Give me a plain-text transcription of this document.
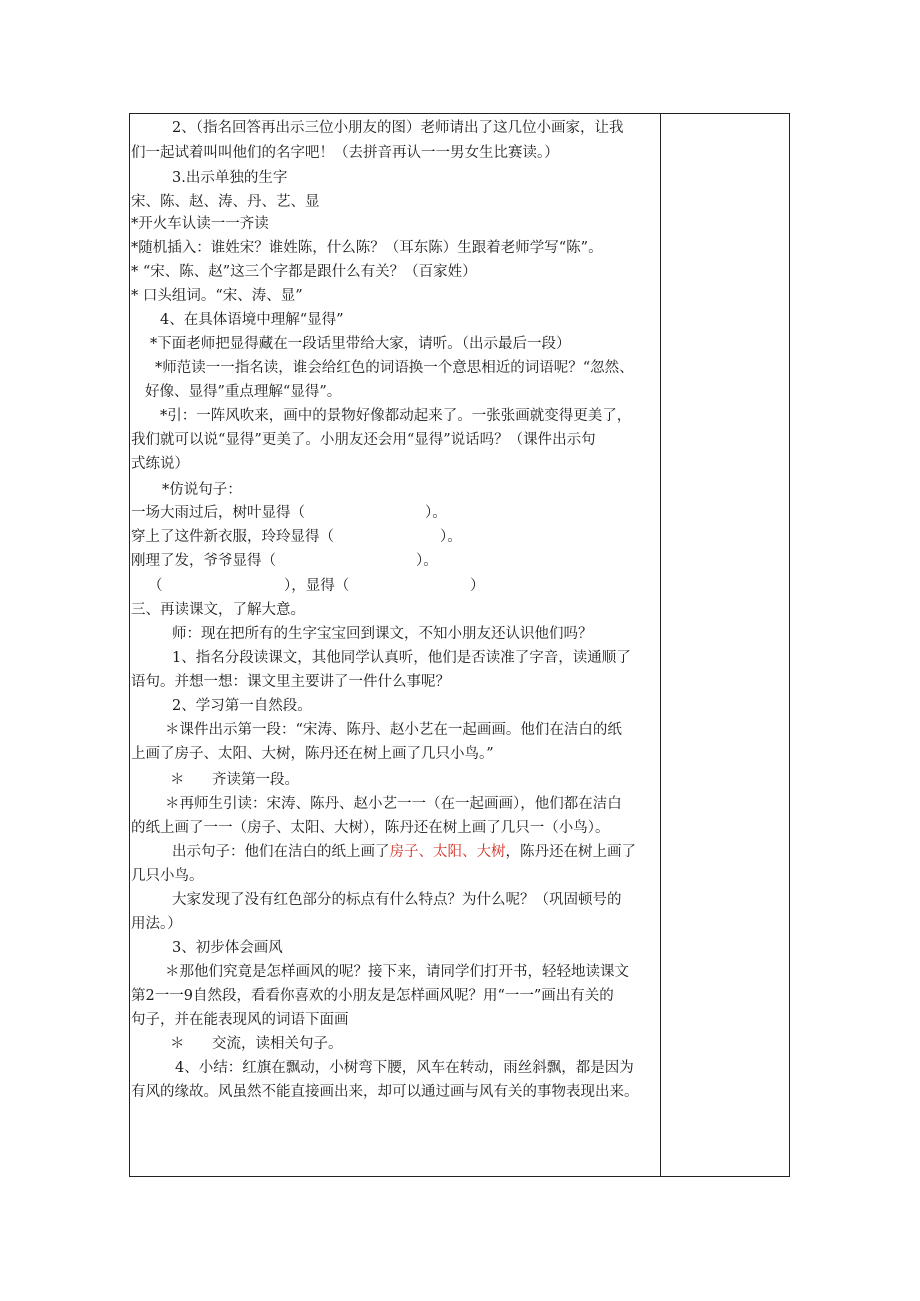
2、（指名回答再出示三位小朋友的图）老师请出了这几位小画家，让我
们一起试着叫叫他们的名字吧！（去拼音再认一一男女生比赛读。）
3.出示单独的生字
宋、陈、赵、涛、丹、艺、显
*开火车认读一一齐读
*随机插入：谁姓宋？谁姓陈，什么陈？（耳东陈）生跟着老师学写“陈”。
* “宋、陈、赵”这三个字都是跟什么有关？（百家姓）
* 口头组词。“宋、涛、显”
4、在具体语境中理解“显得”
*下面老师把显得藏在一段话里带给大家，请听。（出示最后一段）
*师范读一一指名读，谁会给红色的词语换一个意思相近的词语呢？“忽然、
好像、显得”重点理解“显得”。
*引：一阵风吹来，画中的景物好像都动起来了。一张张画就变得更美了，
我们就可以说“显得”更美了。小朋友还会用“显得”说话吗？（课件出示句
式练说）
*仿说句子：
一场大雨过后，树叶显得（	）。
穿上了这件新衣服，玲玲显得（	）。
刚理了发，爷爷显得（	）。
（	），显得（	）
三、再读课文，了解大意。
师：现在把所有的生字宝宝回到课文，不知小朋友还认识他们吗？
1、指名分段读课文，其他同学认真听，他们是否读准了字音，读通顺了
语句。并想一想：课文里主要讲了一件什么事呢？
2、学习第一自然段。
＊课件出示第一段：“宋涛、陈丹、赵小艺在一起画画。他们在洁白的纸
上画了房子、太阳、大树，陈丹还在树上画了几只小鸟。”
＊ 齐读第一段。
＊再师生引读：宋涛、陈丹、赵小艺一一（在一起画画），他们都在洁白
的纸上画了一一（房子、太阳、大树），陈丹还在树上画了几只一（小鸟）。
出示句子：他们在洁白的纸上画了房子、太阳、大树，陈丹还在树上画了
几只小鸟。
大家发现了没有红色部分的标点有什么特点？为什么呢？（巩固顿号的
用法。）
3、初步体会画风
＊那他们究竟是怎样画风的呢？接下来，请同学们打开书，轻轻地读课文
第2一一9自然段，看看你喜欢的小朋友是怎样画风呢？用“一一”画出有关的
句子，并在能表现风的词语下面画
＊ 交流，读相关句子。
4、小结：红旗在飘动，小树弯下腰，风车在转动，雨丝斜飘，都是因为
有风的缘故。风虽然不能直接画出来，却可以通过画与风有关的事物表现出来。
